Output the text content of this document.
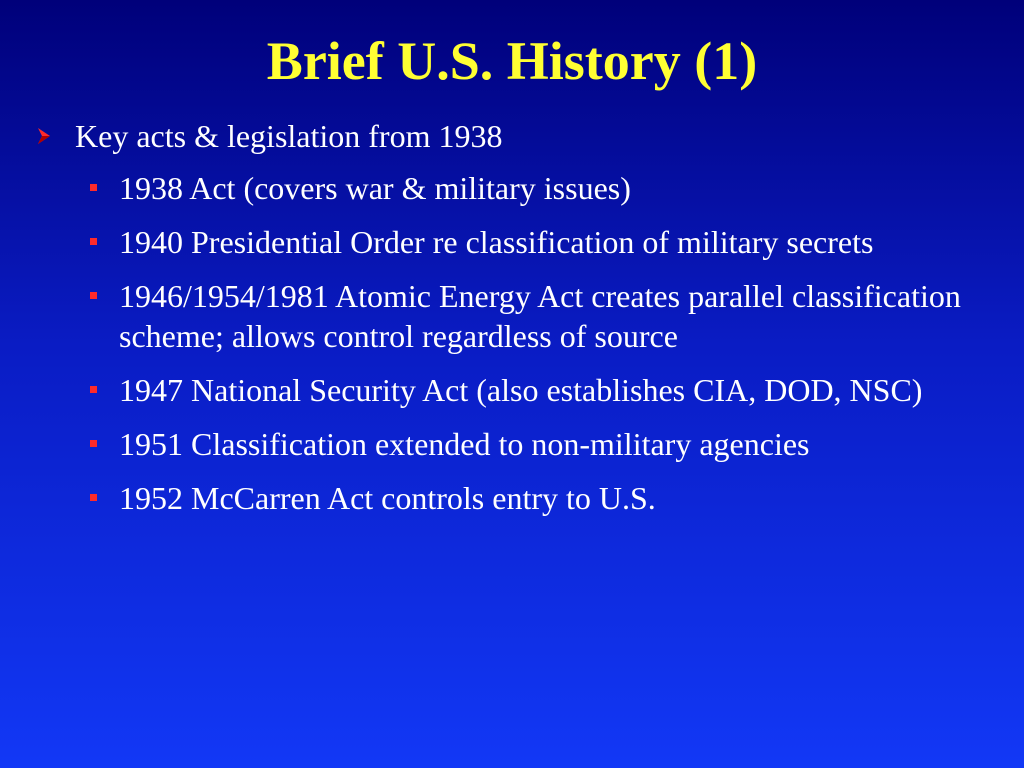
Brief U.S. History (1)
Key acts & legislation from 1938
1938 Act (covers war & military issues)
1940 Presidential Order re classification of military secrets
1946/1954/1981 Atomic Energy Act creates parallel classification scheme; allows control regardless of source
1947 National Security Act (also establishes CIA, DOD, NSC)
1951 Classification extended to non-military agencies
1952 McCarren Act controls entry to U.S.
